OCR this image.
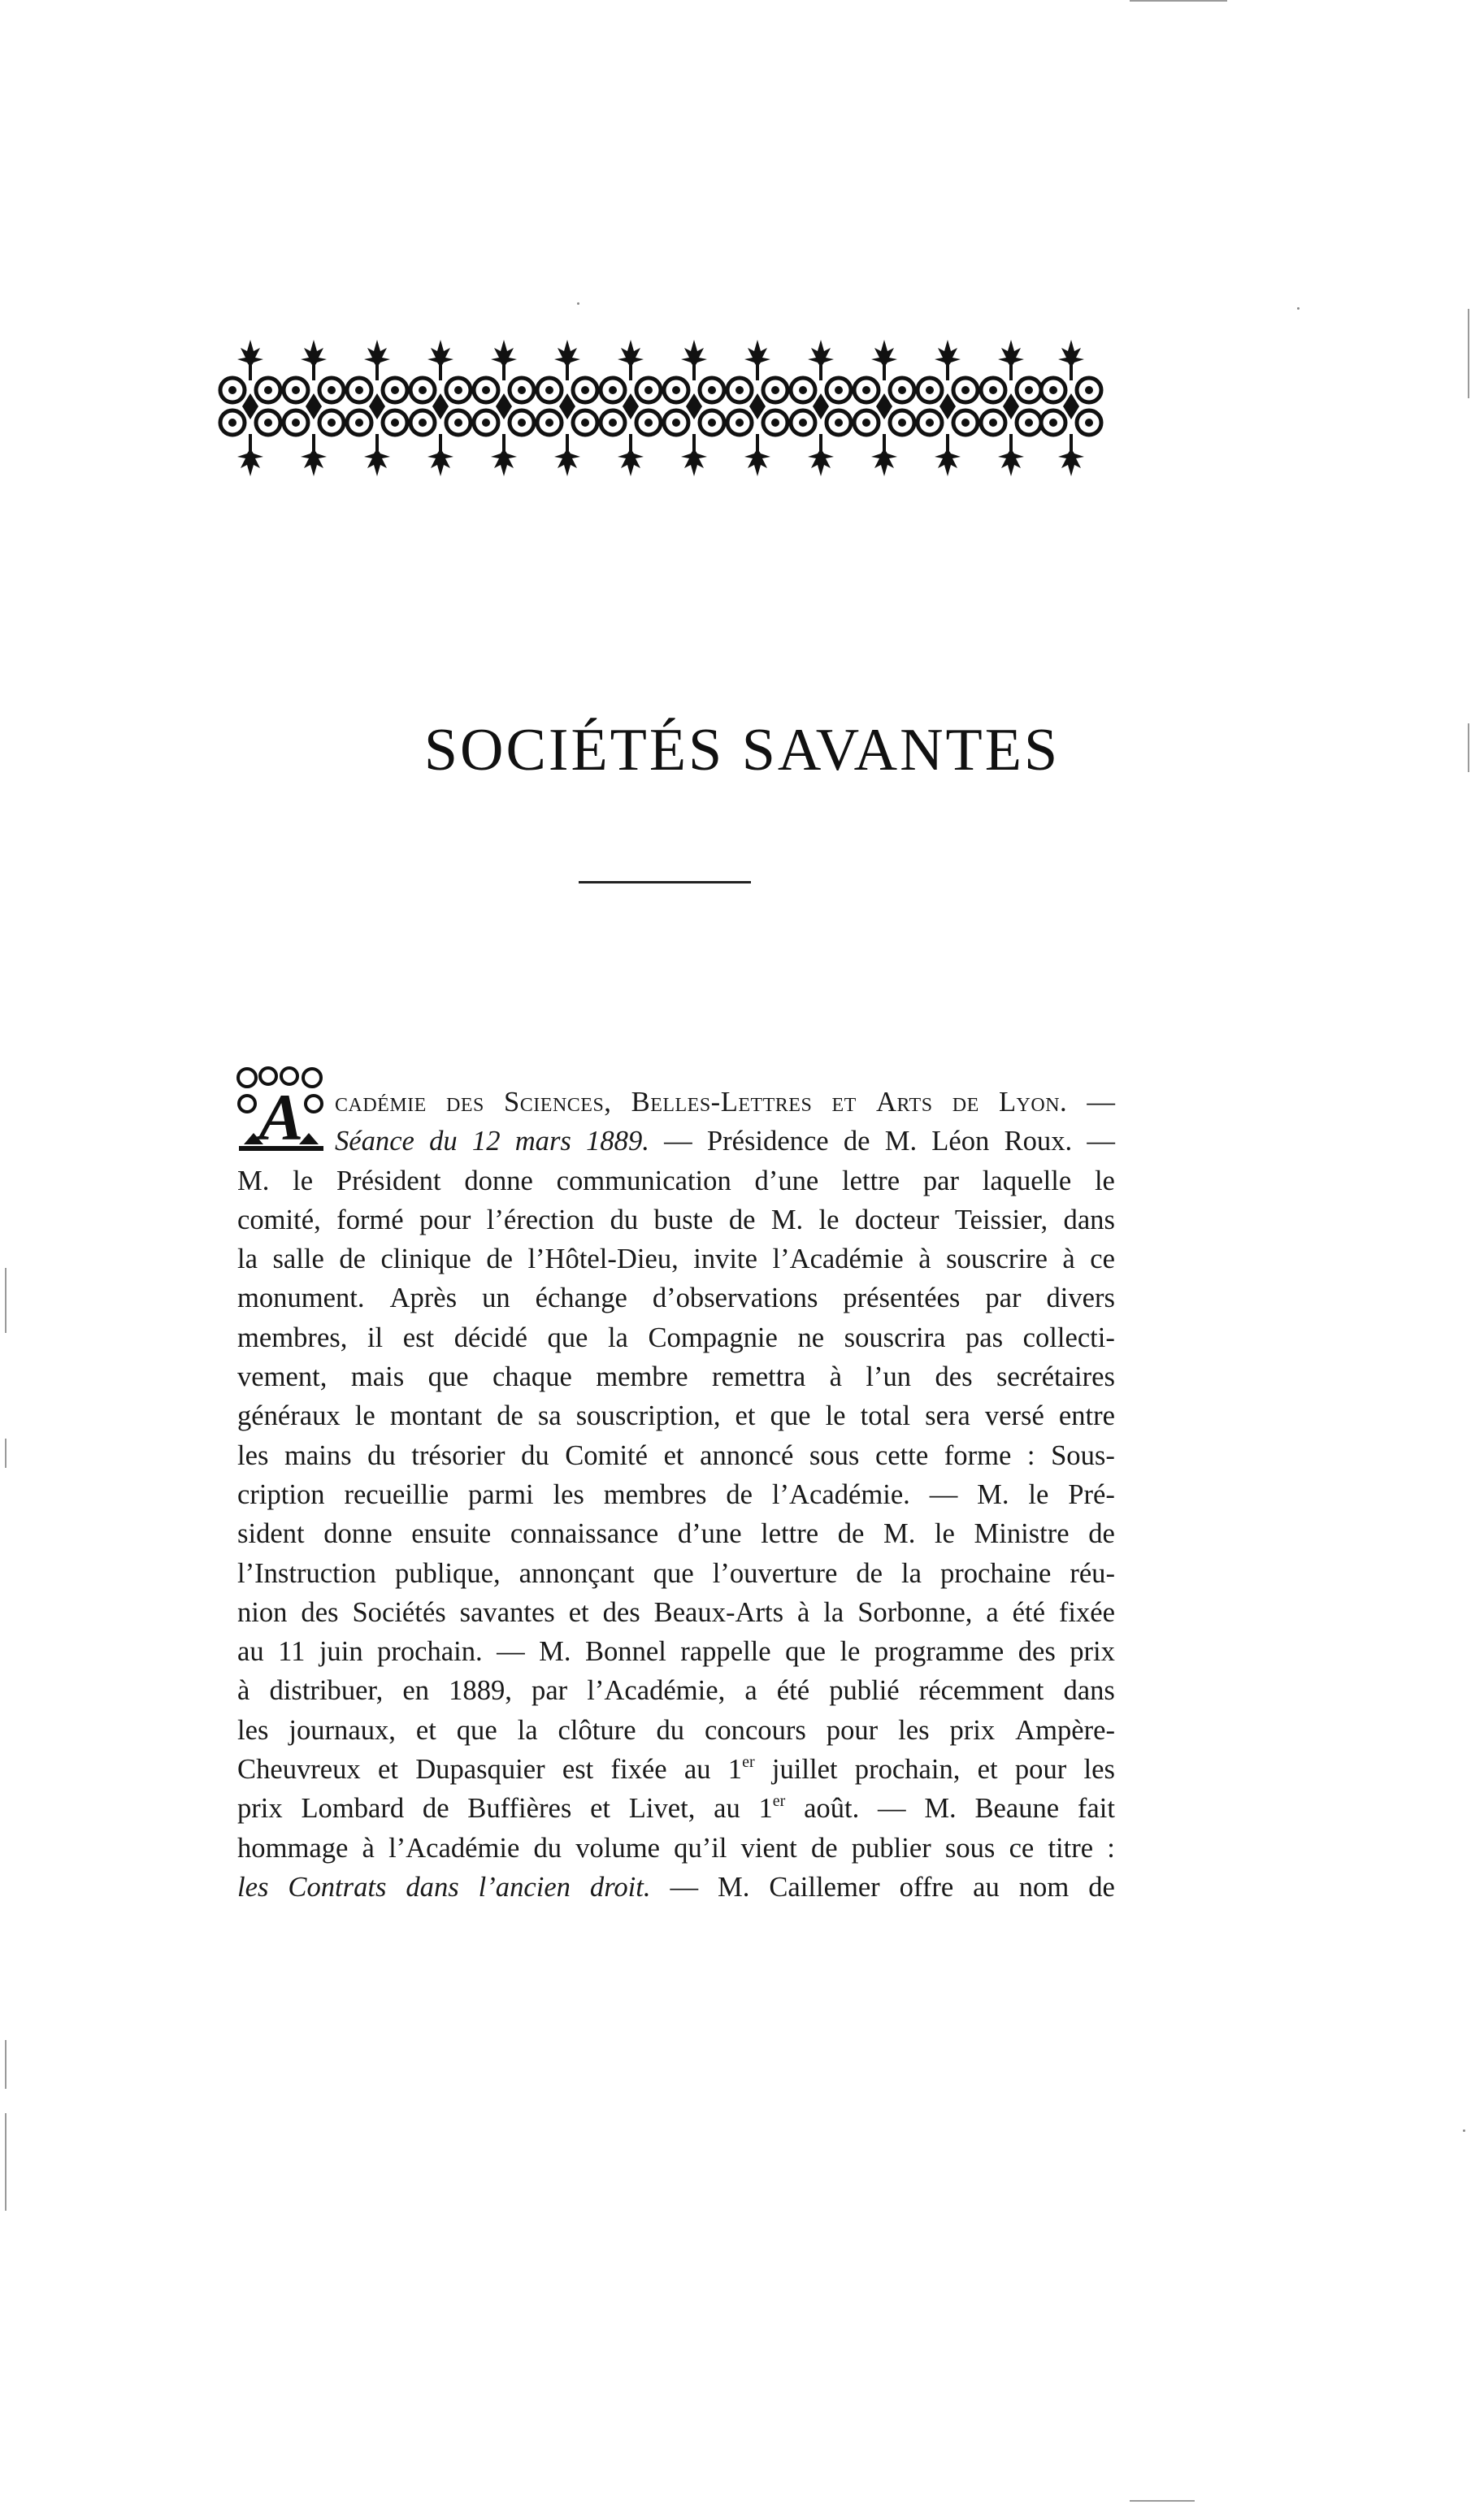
SOCIÉTÉS SAVANTES
A cadémie des Sciences, Belles-Lettres et Arts de Lyon. —
Séance du 12 mars 1889. — Présidence de M. Léon Roux. —
M. le Président donne communication d’une lettre par laquelle le
comité, formé pour l’érection du buste de M. le docteur Teissier, dans
la salle de clinique de l’Hôtel-Dieu, invite l’Académie à souscrire à ce
monument. Après un échange d’observations présentées par divers
membres, il est décidé que la Compagnie ne souscrira pas collecti-
vement, mais que chaque membre remettra à l’un des secrétaires
généraux le montant de sa souscription, et que le total sera versé entre
les mains du trésorier du Comité et annoncé sous cette forme : Sous-
cription recueillie parmi les membres de l’Académie. — M. le Pré-
sident donne ensuite connaissance d’une lettre de M. le Ministre de
l’Instruction publique, annonçant que l’ouverture de la prochaine réu-
nion des Sociétés savantes et des Beaux-Arts à la Sorbonne, a été fixée
au 11 juin prochain. — M. Bonnel rappelle que le programme des prix
à distribuer, en 1889, par l’Académie, a été publié récemment dans
les journaux, et que la clôture du concours pour les prix Ampère-
Cheuvreux et Dupasquier est fixée au 1er juillet prochain, et pour les
prix Lombard de Buffières et Livet, au 1er août. — M. Beaune fait
hommage à l’Académie du volume qu’il vient de publier sous ce titre :
les Contrats dans l’ancien droit. — M. Caillemer offre au nom de
